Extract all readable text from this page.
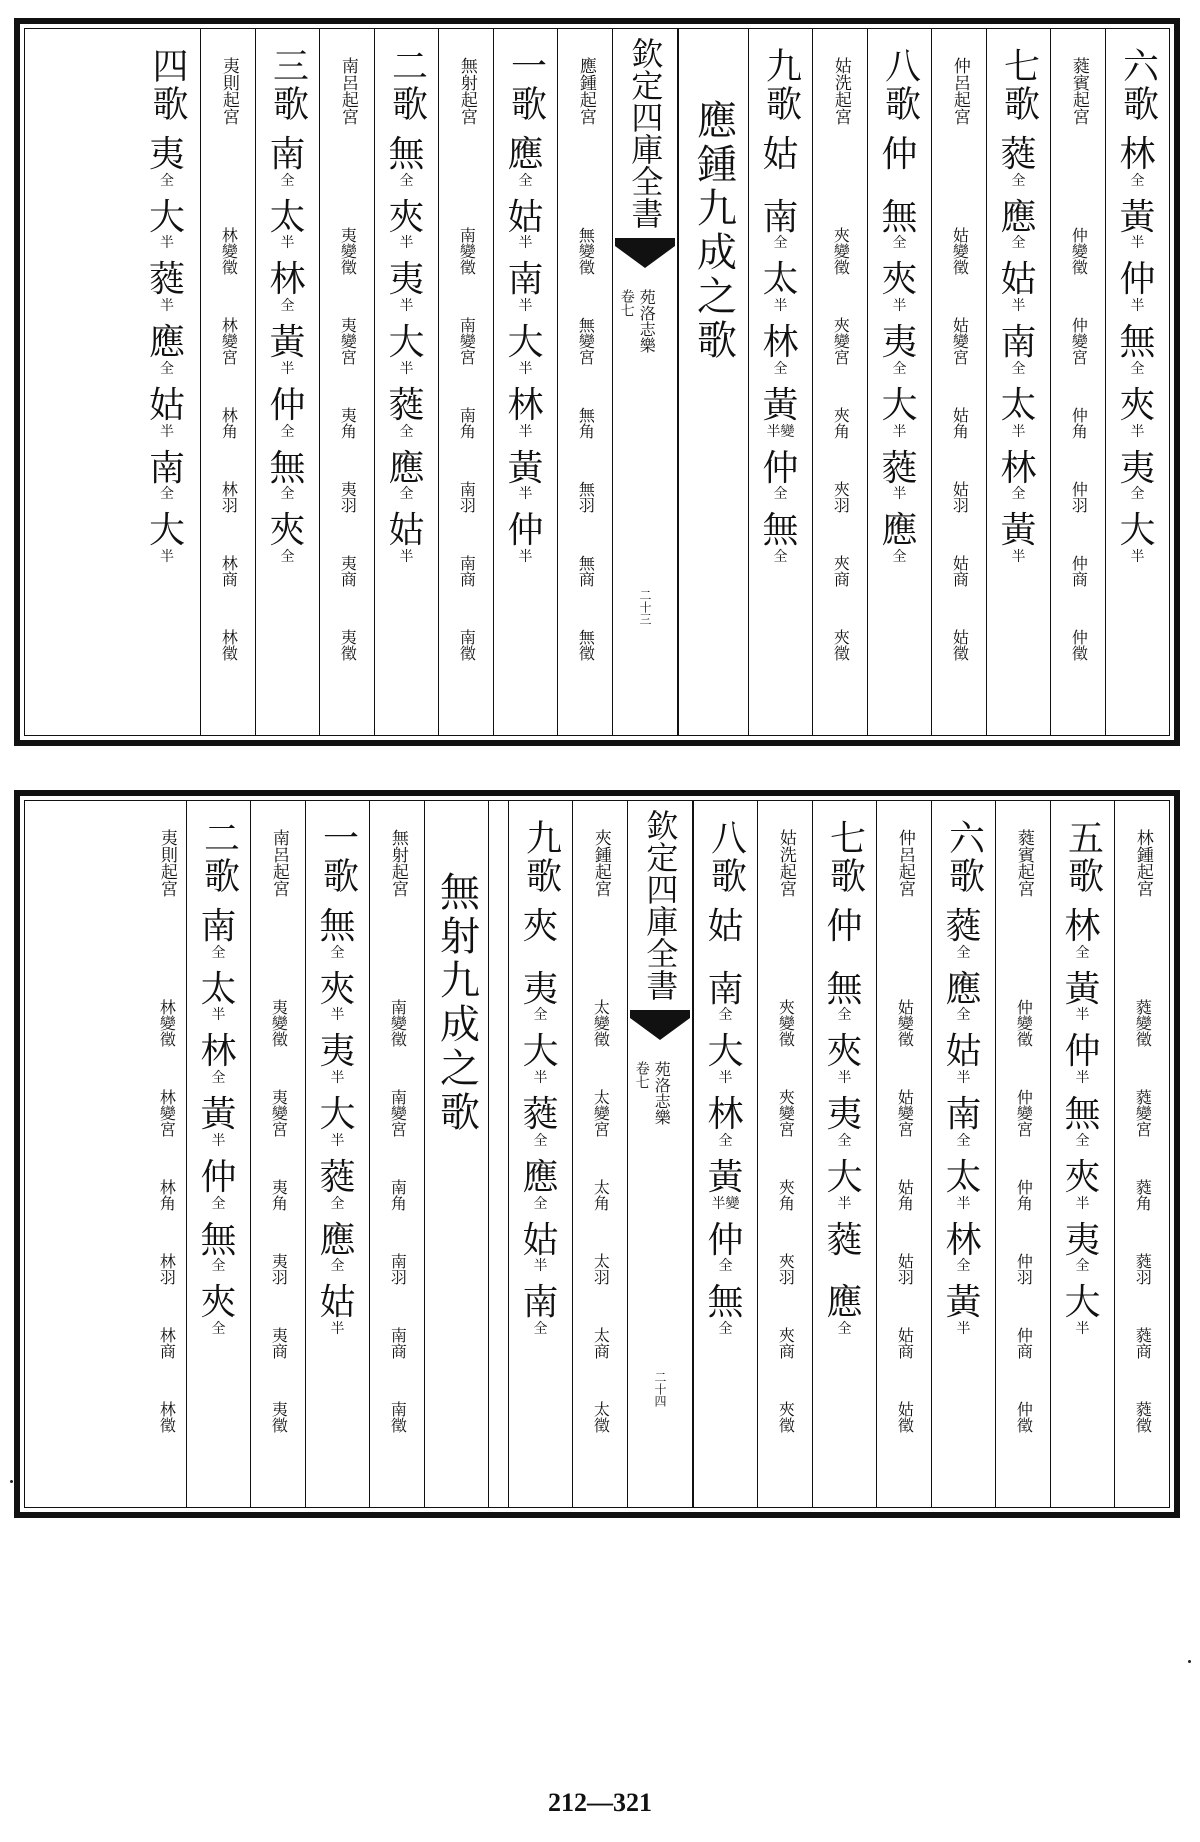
六歌
林
全
黃
半
仲
半
無
全
夾
半
夷
全
大
半
蕤賓起宮
仲變徵
仲變宮
仲角
仲羽
仲商
仲徵
七歌
蕤
全
應
全
姑
半
南
全
太
半
林
全
黃
半
仲呂起宮
姑變徵
姑變宮
姑角
姑羽
姑商
姑徵
八歌
仲

無
全
夾
半
夷
全
大
半
蕤
半
應
全
姑洗起宮
夾變徵
夾變宮
夾角
夾羽
夾商
夾徵
九歌
姑

南
全
太
半
林
全
黃
半變
仲
全
無
全
應鍾九成之歌
欽定四庫全書
卷七 苑洛志樂
二十三
應鍾起宮
無變徵
無變宮
無角
無羽
無商
無徵
一歌
應
全
姑
半
南
半
大
半
林
半
黃
半
仲
半
無射起宮
南變徵
南變宮
南角
南羽
南商
南徵
二歌
無
全
夾
半
夷
半
大
半
蕤
全
應
全
姑
半
南呂起宮
夷變徵
夷變宮
夷角
夷羽
夷商
夷徵
三歌
南
全
太
半
林
全
黃
半
仲
全
無
全
夾
全
夷則起宮
林變徵
林變宮
林角
林羽
林商
林徵
四歌
夷
全
大
半
蕤
半
應
全
姑
半
南
全
大
半
林鍾起宮
蕤變徵
蕤變宮
蕤角
蕤羽
蕤商
蕤徵
五歌
林
全
黃
半
仲
半
無
全
夾
半
夷
全
大
半
蕤賓起宮
仲變徵
仲變宮
仲角
仲羽
仲商
仲徵
六歌
蕤
全
應
全
姑
半
南
全
太
半
林
全
黃
半
仲呂起宮
姑變徵
姑變宮
姑角
姑羽
姑商
姑徵
七歌
仲

無
全
夾
半
夷
全
大
半
蕤

應
全
姑洗起宮
夾變徵
夾變宮
夾角
夾羽
夾商
夾徵
八歌
姑

南
全
大
半
林
全
黃
半變
仲
全
無
全
欽定四庫全書
卷七 苑洛志樂
二十四
夾鍾起宮
太變徵
太變宮
太角
太羽
太商
太徵
九歌
夾

夷
全
大
半
蕤
全
應
全
姑
半
南
全
無射九成之歌
無射起宮
南變徵
南變宮
南角
南羽
南商
南徵
一歌
無
全
夾
半
夷
半
大
半
蕤
全
應
全
姑
半
南呂起宮
夷變徵
夷變宮
夷角
夷羽
夷商
夷徵
二歌
南
全
太
半
林
全
黃
半
仲
全
無
全
夾
全
夷則起宮
林變徵
林變宮
林角
林羽
林商
林徵
212—321
